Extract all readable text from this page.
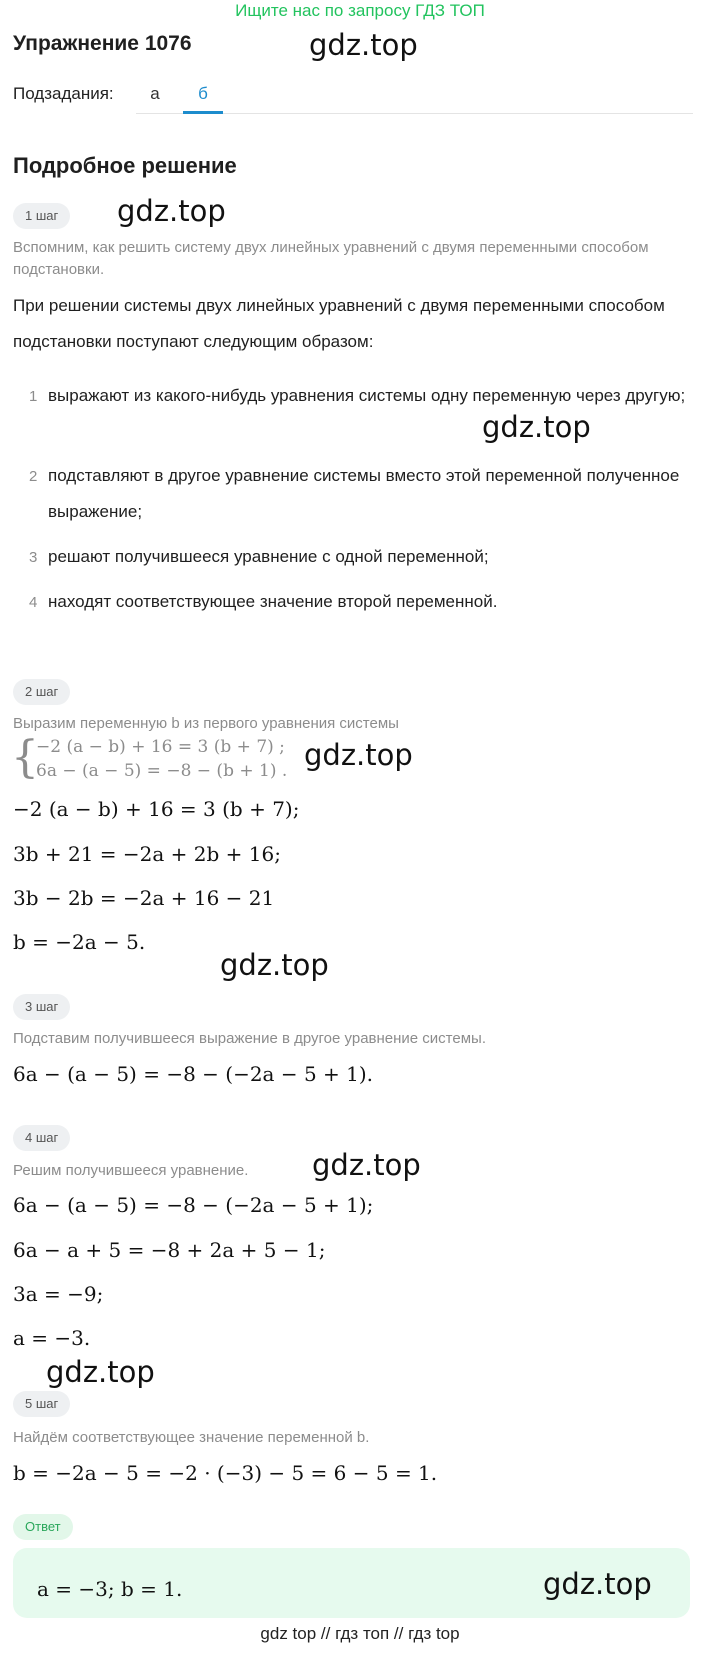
Ищите нас по запросу ГДЗ ТОП
Упражнение 1076	gdz.top
Подзадания:	а	б
Подробное решение
1 шаг	gdz.top
Вспомним, как решить систему двух линейных уравнений с двумя переменными способом подстановки.
При решении системы двух линейных уравнений с двумя переменными способом подстановки поступают следующим образом:
1 выражают из какого-нибудь уравнения системы одну переменную через другую;
gdz.top
2 подставляют в другое уравнение системы вместо этой переменной полученное выражение;
3 решают получившееся уравнение с одной переменной;
4 находят соответствующее значение второй переменной.
2 шаг
Выразим переменную b из первого уравнения системы
{
−2 (a − b) + 16 = 3 (b + 7) ;
6a − (a − 5) = −8 − (b + 1) . gdz.top
−2 (a − b) + 16 = 3 (b + 7);
3b + 21 = −2a + 2b + 16;
3b − 2b = −2a + 16 − 21
b = −2a − 5.
gdz.top
3 шаг
Подставим получившееся выражение в другое уравнение системы.
6a − (a − 5) = −8 − (−2a − 5 + 1).
4 шаг
Решим получившееся уравнение.	gdz.top
6a − (a − 5) = −8 − (−2a − 5 + 1);
6a − a + 5 = −8 + 2a + 5 − 1;
3a = −9;
a = −3.
gdz.top
5 шаг
Найдём соответствующее значение переменной b.
b = −2a − 5 = −2 · (−3) − 5 = 6 − 5 = 1.
Ответ
a = −3; b = 1.	gdz.top
gdz top // гдз топ // гдз top
